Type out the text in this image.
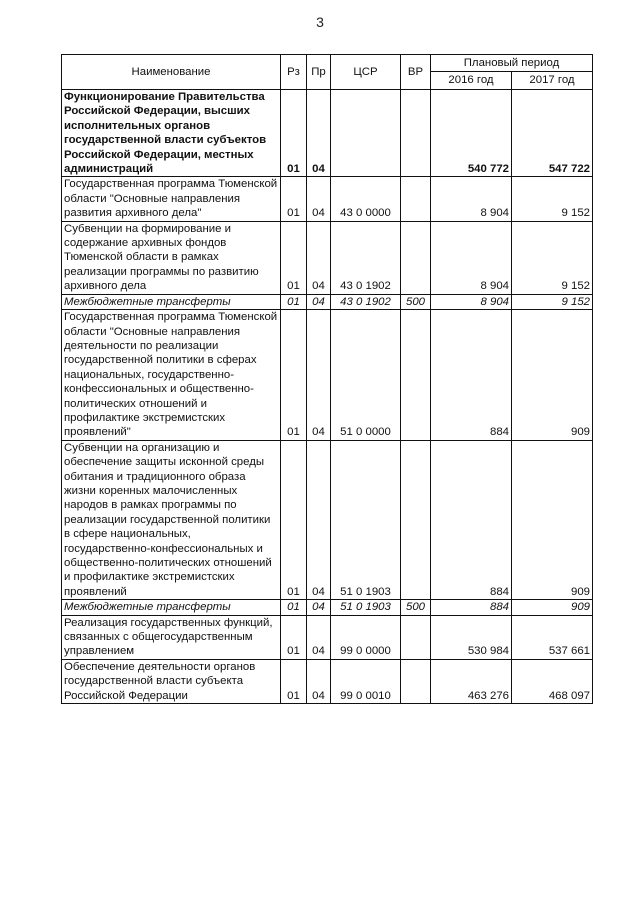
3
Наименование	Рз	Пр	ЦСР	ВР	Плановый период	
					2016 год	2017 год
Функционирование Правительства Российской Федерации, высших исполнительных органов государственной власти субъектов Российской Федерации, местных администраций	01	04			540 772	547 722
Государственная программа Тюменской области "Основные направления развития архивного дела"	01	04	43 0 0000		8 904	9 152
Субвенции на формирование и содержание архивных фондов Тюменской области в рамках реализации программы по развитию архивного дела	01	04	43 0 1902		8 904	9 152
Межбюджетные трансферты	01	04	43 0 1902	500	8 904	9 152
Государственная программа Тюменской области "Основные направления деятельности по реализации государственной политики в сферах национальных, государственно-конфессиональных и общественно-политических отношений и профилактике экстремистских проявлений"	01	04	51 0 0000		884	909
Субвенции на организацию и обеспечение защиты исконной среды обитания и традиционного образа жизни коренных малочисленных народов в рамках программы по реализации государственной политики в сфере национальных, государственно-конфессиональных и общественно-политических отношений и профилактике экстремистских проявлений	01	04	51 0 1903		884	909
Межбюджетные трансферты	01	04	51 0 1903	500	884	909
Реализация государственных функций, связанных с общегосударственным управлением	01	04	99 0 0000		530 984	537 661
Обеспечение деятельности органов государственной власти субъекта Российской Федерации	01	04	99 0 0010		463 276	468 097
